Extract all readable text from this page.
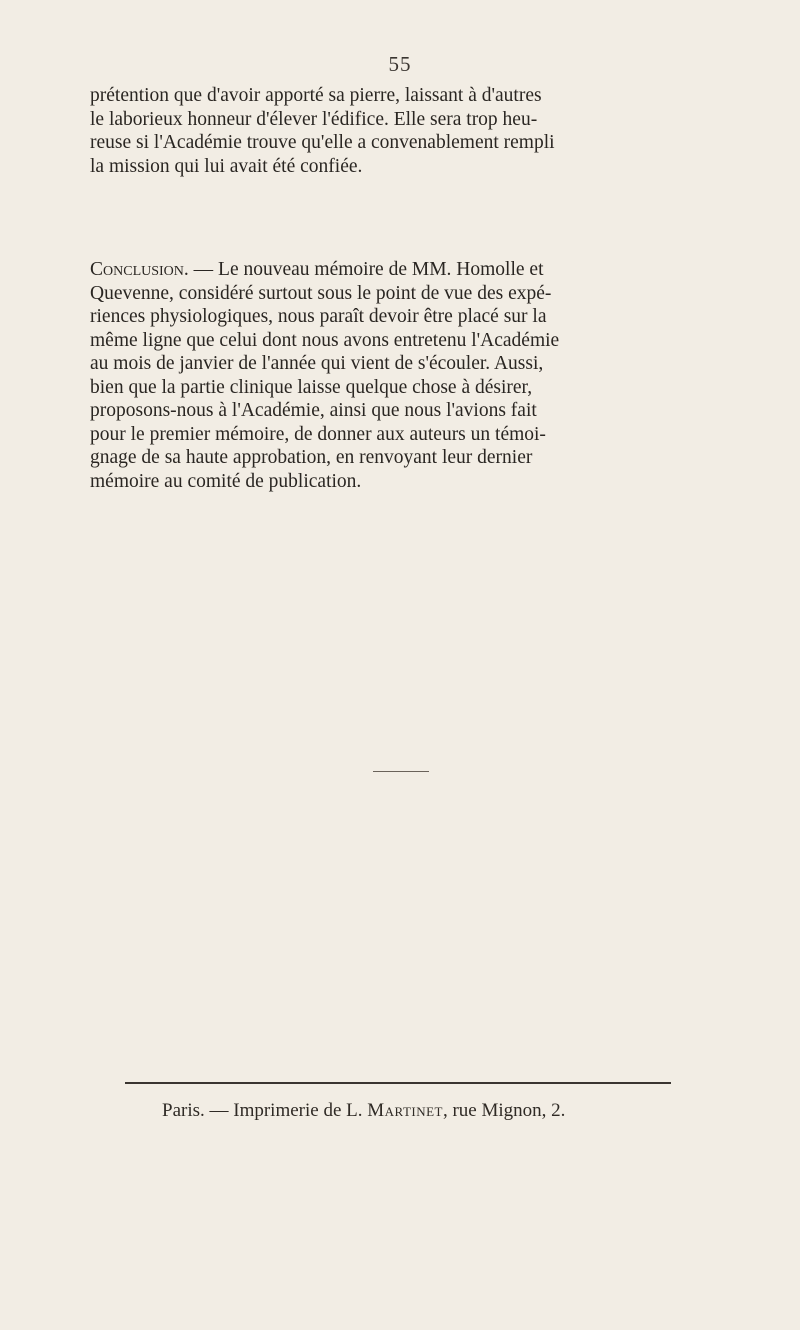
55

prétention que d'avoir apporté sa pierre, laissant à d'autres
le laborieux honneur d'élever l'édifice. Elle sera trop heu-
reuse si l'Académie trouve qu'elle a convenablement rempli
la mission qui lui avait été confiée.

Conclusion. — Le nouveau mémoire de MM. Homolle et
Quevenne, considéré surtout sous le point de vue des expé-
riences physiologiques, nous paraît devoir être placé sur la
même ligne que celui dont nous avons entretenu l'Académie
au mois de janvier de l'année qui vient de s'écouler. Aussi,
bien que la partie clinique laisse quelque chose à désirer,
proposons-nous à l'Académie, ainsi que nous l'avions fait
pour le premier mémoire, de donner aux auteurs un témoi-
gnage de sa haute approbation, en renvoyant leur dernier
mémoire au comité de publication.

Paris. — Imprimerie de L. Martinet, rue Mignon, 2.
